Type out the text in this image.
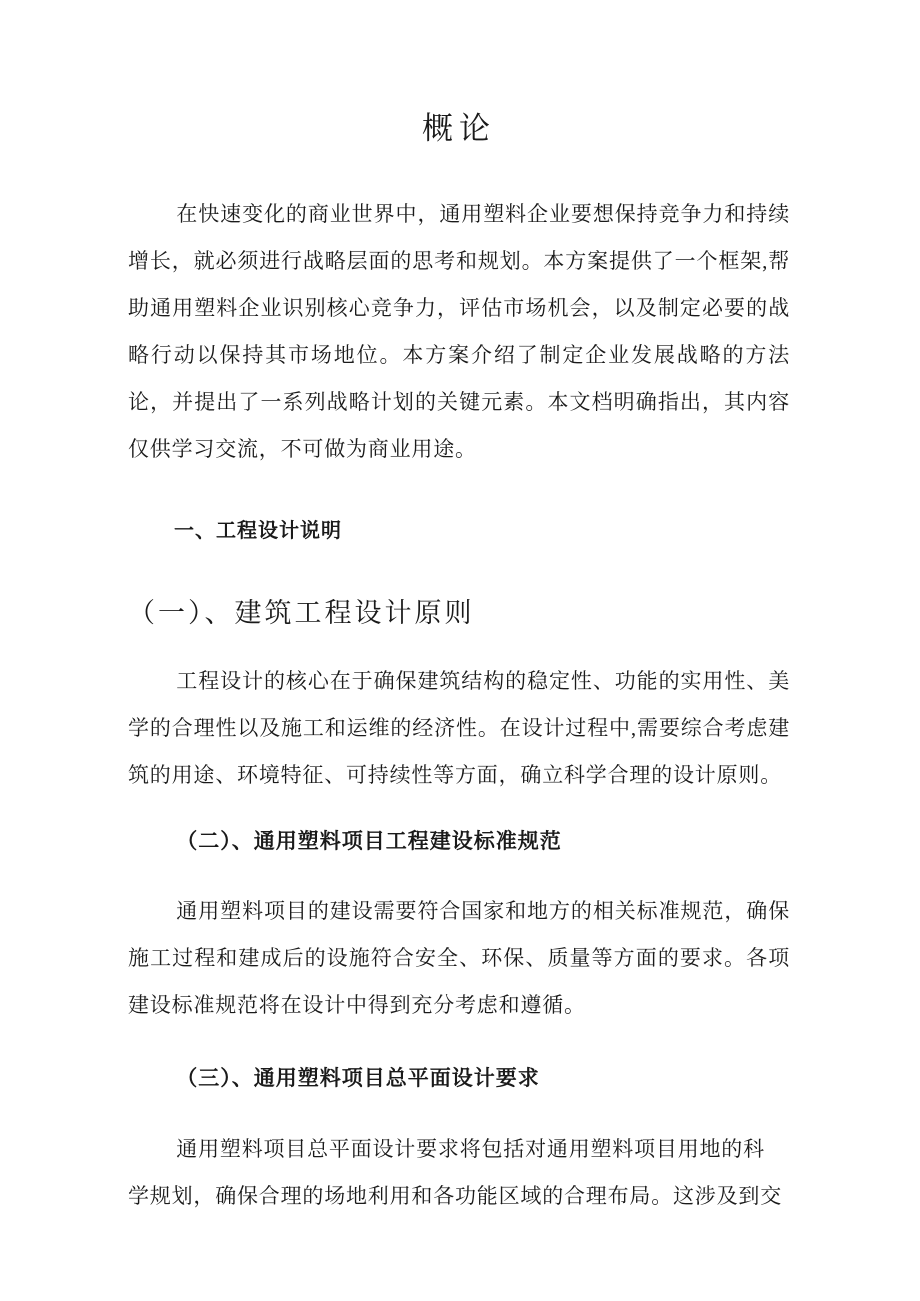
概论

在快速变化的商业世界中，通用塑料企业要想保持竞争力和持续增长，就必须进行战略层面的思考和规划。本方案提供了一个框架,帮助通用塑料企业识别核心竞争力，评估市场机会，以及制定必要的战略行动以保持其市场地位。本方案介绍了制定企业发展战略的方法论，并提出了一系列战略计划的关键元素。本文档明确指出，其内容仅供学习交流，不可做为商业用途。

一、工程设计说明
（一）、建筑工程设计原则

工程设计的核心在于确保建筑结构的稳定性、功能的实用性、美学的合理性以及施工和运维的经济性。在设计过程中,需要综合考虑建筑的用途、环境特征、可持续性等方面，确立科学合理的设计原则。

（二）、通用塑料项目工程建设标准规范

通用塑料项目的建设需要符合国家和地方的相关标准规范，确保施工过程和建成后的设施符合安全、环保、质量等方面的要求。各项建设标准规范将在设计中得到充分考虑和遵循。

（三）、通用塑料项目总平面设计要求
通用塑料项目总平面设计要求将包括对通用塑料项目用地的科
学规划，确保合理的场地利用和各功能区域的合理布局。这涉及到交
